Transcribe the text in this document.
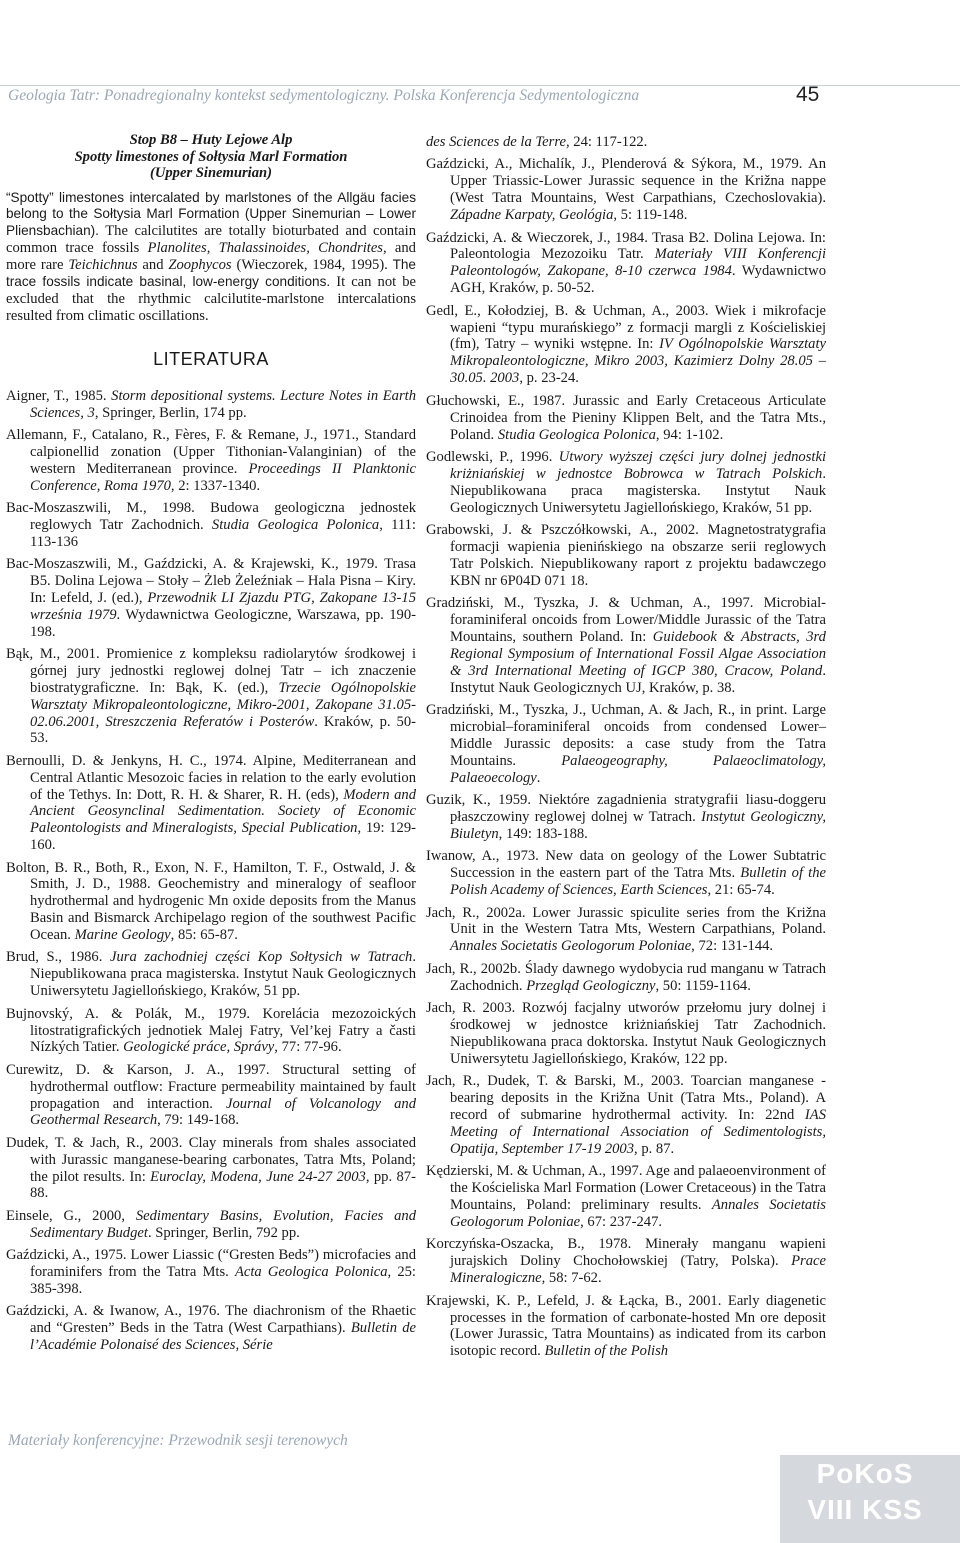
Geologia Tatr: Ponadregionalny kontekst sedymentologiczny. Polska Konferencja Sedymentologiczna	45

Stop B8 – Huty Lejowe Alp

Spotty limestones of Sołtysia Marl Formation

(Upper Sinemurian)

“Spotty” limestones intercalated by marlstones of the Allgäu facies belong to the Sołtysia Marl Formation (Upper Sinemurian – Lower Pliensbachian). The calcilutites are totally bioturbated and contain common trace fossils Planolites, Thalassinoides, Chondrites, and more rare Teichichnus and Zoophycos (Wieczorek, 1984, 1995). The trace fossils indicate basinal, low-energy conditions. It can not be excluded that the rhythmic calcilutite-marlstone intercalations resulted from climatic oscillations.

LITERATURA

Aigner, T., 1985. Storm depositional systems. Lecture Notes in Earth Sciences, 3, Springer, Berlin, 174 pp.

Allemann, F., Catalano, R., Fères, F. & Remane, J., 1971., Standard calpionellid zonation (Upper Tithonian-Valanginian) of the western Mediterranean province. Proceedings II Planktonic Conference, Roma 1970, 2: 1337-1340.

Bac-Moszaszwili, M., 1998. Budowa geologiczna jednostek reglowych Tatr Zachodnich. Studia Geologica Polonica, 111: 113-136

Bac-Moszaszwili, M., Gaździcki, A. & Krajewski, K., 1979. Trasa B5. Dolina Lejowa – Stoły – Żleb Żeleźniak – Hala Pisna – Kiry. In: Lefeld, J. (ed.), Przewodnik LI Zjazdu PTG, Zakopane 13-15 września 1979. Wydawnictwa Geologiczne, Warszawa, pp. 190-198.

Bąk, M., 2001. Promienice z kompleksu radiolarytów środkowej i górnej jury jednostki reglowej dolnej Tatr – ich znaczenie biostratygraficzne. In: Bąk, K. (ed.), Trzecie Ogólnopolskie Warsztaty Mikropaleontologiczne, Mikro-2001, Zakopane 31.05-02.06.2001, Streszczenia Referatów i Posterów. Kraków, p. 50-53.

Bernoulli, D. & Jenkyns, H. C., 1974. Alpine, Mediterranean and Central Atlantic Mesozoic facies in relation to the early evolution of the Tethys. In: Dott, R. H. & Sharer, R. H. (eds), Modern and Ancient Geosynclinal Sedimentation. Society of Economic Paleontologists and Mineralogists, Special Publication, 19: 129-160.

Bolton, B. R., Both, R., Exon, N. F., Hamilton, T. F., Ostwald, J. & Smith, J. D., 1988. Geochemistry and mineralogy of seafloor hydrothermal and hydrogenic Mn oxide deposits from the Manus Basin and Bismarck Archipelago region of the southwest Pacific Ocean. Marine Geology, 85: 65-87.

Brud, S., 1986. Jura zachodniej części Kop Sołtysich w Tatrach. Niepublikowana praca magisterska. Instytut Nauk Geologicznych Uniwersytetu Jagiellońskiego, Kraków, 51 pp.

Bujnovský, A. & Polák, M., 1979. Korelácia mezozoických litostratigrafických jednotiek Malej Fatry, Vel’kej Fatry a časti Nízkých Tatier. Geologické práce, Správy, 77: 77-96.

Curewitz, D. & Karson, J. A., 1997. Structural setting of hydrothermal outflow: Fracture permeability maintained by fault propagation and interaction. Journal of Volcanology and Geothermal Research, 79: 149-168.

Dudek, T. & Jach, R., 2003. Clay minerals from shales associated with Jurassic manganese-bearing carbonates, Tatra Mts, Poland; the pilot results. In: Euroclay, Modena, June 24-27 2003, pp. 87-88.

Einsele, G., 2000, Sedimentary Basins, Evolution, Facies and Sedimentary Budget. Springer, Berlin, 792 pp.

Gaździcki, A., 1975. Lower Liassic (“Gresten Beds”) microfacies and foraminifers from the Tatra Mts. Acta Geologica Polonica, 25: 385-398.

Gaździcki, A. & Iwanow, A., 1976. The diachronism of the Rhaetic and “Gresten” Beds in the Tatra (West Carpathians). Bulletin de l’Académie Polonaisé des Sciences, Série

des Sciences de la Terre, 24: 117-122.

Gaździcki, A., Michalík, J., Plenderová & Sýkora, M., 1979. An Upper Triassic-Lower Jurassic sequence in the Križna nappe (West Tatra Mountains, West Carpathians, Czechoslovakia). Západne Karpaty, Geológia, 5: 119-148.

Gaździcki, A. & Wieczorek, J., 1984. Trasa B2. Dolina Lejowa. In: Paleontologia Mezozoiku Tatr. Materiały VIII Konferencji Paleontologów, Zakopane, 8-10 czerwca 1984. Wydawnictwo AGH, Kraków, p. 50-52.

Gedl, E., Kołodziej, B. & Uchman, A., 2003. Wiek i mikrofacje wapieni “typu murańskiego” z formacji margli z Kościeliskiej (fm), Tatry – wyniki wstępne. In: IV Ogólnopolskie Warsztaty Mikropaleontologiczne, Mikro 2003, Kazimierz Dolny 28.05 – 30.05. 2003, p. 23-24.

Głuchowski, E., 1987. Jurassic and Early Cretaceous Articulate Crinoidea from the Pieniny Klippen Belt, and the Tatra Mts., Poland. Studia Geologica Polonica, 94: 1-102.

Godlewski, P., 1996. Utwory wyższej części jury dolnej jednostki kriżniańskiej w jednostce Bobrowca w Tatrach Polskich. Niepublikowana praca magisterska. Instytut Nauk Geologicznych Uniwersytetu Jagiellońskiego, Kraków, 51 pp.

Grabowski, J. & Pszczółkowski, A., 2002. Magnetostratygrafia formacji wapienia pienińskiego na obszarze serii reglowych Tatr Polskich. Niepublikowany raport z projektu badawczego KBN nr 6P04D 071 18.

Gradziński, M., Tyszka, J. & Uchman, A., 1997. Microbial-foraminiferal oncoids from Lower/Middle Jurassic of the Tatra Mountains, southern Poland. In: Guidebook & Abstracts, 3rd Regional Symposium of International Fossil Algae Association & 3rd International Meeting of IGCP 380, Cracow, Poland. Instytut Nauk Geologicznych UJ, Kraków, p. 38.

Gradziński, M., Tyszka, J., Uchman, A. & Jach, R., in print. Large microbial–foraminiferal oncoids from condensed Lower–Middle Jurassic deposits: a case study from the Tatra Mountains. Palaeogeography, Palaeoclimatology, Palaeoecology.

Guzik, K., 1959. Niektóre zagadnienia stratygrafii liasu-doggeru płaszczowiny reglowej dolnej w Tatrach. Instytut Geologiczny, Biuletyn, 149: 183-188.

Iwanow, A., 1973. New data on geology of the Lower Subtatric Succession in the eastern part of the Tatra Mts. Bulletin of the Polish Academy of Sciences, Earth Sciences, 21: 65-74.

Jach, R., 2002a. Lower Jurassic spiculite series from the Križna Unit in the Western Tatra Mts, Western Carpathians, Poland. Annales Societatis Geologorum Poloniae, 72: 131-144.

Jach, R., 2002b. Ślady dawnego wydobycia rud manganu w Tatrach Zachodnich. Przegląd Geologiczny, 50: 1159-1164.

Jach, R. 2003. Rozwój facjalny utworów przełomu jury dolnej i środkowej w jednostce kriżniańskiej Tatr Zachodnich. Niepublikowana praca doktorska. Instytut Nauk Geologicznych Uniwersytetu Jagiellońskiego, Kraków, 122 pp.

Jach, R., Dudek, T. & Barski, M., 2003. Toarcian manganese - bearing deposits in the Križna Unit (Tatra Mts., Poland). A record of submarine hydrothermal activity. In: 22nd IAS Meeting of International Association of Sedimentologists, Opatija, September 17-19 2003, p. 87.

Kędzierski, M. & Uchman, A., 1997. Age and palaeoenvironment of the Kościeliska Marl Formation (Lower Cretaceous) in the Tatra Mountains, Poland: preliminary results. Annales Societatis Geologorum Poloniae, 67: 237-247.

Korczyńska-Oszacka, B., 1978. Minerały manganu wapieni jurajskich Doliny Chochołowskiej (Tatry, Polska). Prace Mineralogiczne, 58: 7-62.

Krajewski, K. P., Lefeld, J. & Łącka, B., 2001. Early diagenetic processes in the formation of carbonate-hosted Mn ore deposit (Lower Jurassic, Tatra Mountains) as indicated from its carbon isotopic record. Bulletin of the Polish

Materiały konferencyjne: Przewodnik sesji terenowych
PoKoS
VIII KSS
